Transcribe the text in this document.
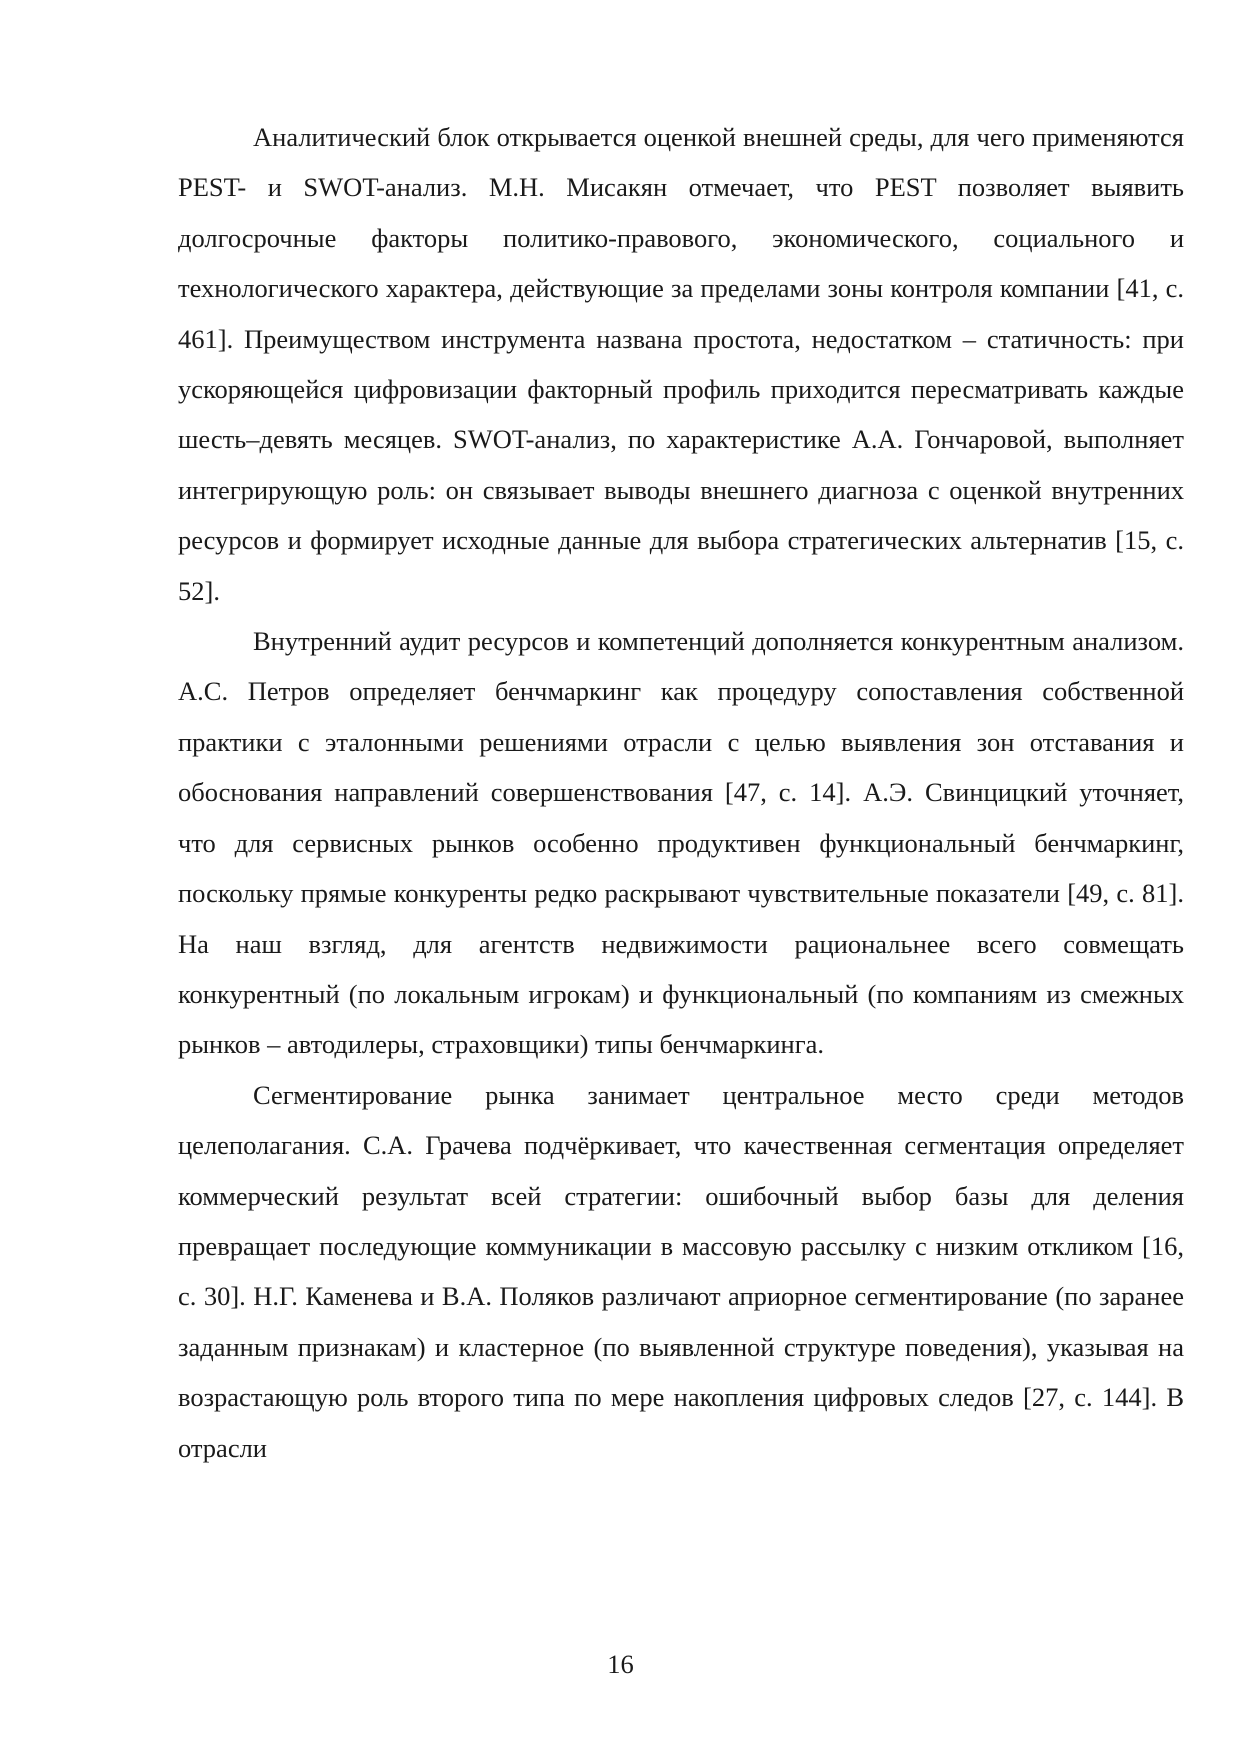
Аналитический блок открывается оценкой внешней среды, для чего применяются PEST- и SWOT-анализ. М.Н. Мисакян отмечает, что PEST позволяет выявить долгосрочные факторы политико-правового, экономического, социального и технологического характера, действующие за пределами зоны контроля компании [41, с. 461]. Преимуществом инструмента названа простота, недостатком – статичность: при ускоряющейся цифровизации факторный профиль приходится пересматривать каждые шесть–девять месяцев. SWOT-анализ, по характеристике А.А. Гончаровой, выполняет интегрирующую роль: он связывает выводы внешнего диагноза с оценкой внутренних ресурсов и формирует исходные данные для выбора стратегических альтернатив [15, с. 52].

Внутренний аудит ресурсов и компетенций дополняется конкурентным анализом. А.С. Петров определяет бенчмаркинг как процедуру сопоставления собственной практики с эталонными решениями отрасли с целью выявления зон отставания и обоснования направлений совершенствования [47, с. 14]. А.Э. Свинцицкий уточняет, что для сервисных рынков особенно продуктивен функциональный бенчмаркинг, поскольку прямые конкуренты редко раскрывают чувствительные показатели [49, с. 81]. На наш взгляд, для агентств недвижимости рациональнее всего совмещать конкурентный (по локальным игрокам) и функциональный (по компаниям из смежных рынков – автодилеры, страховщики) типы бенчмаркинга.

Сегментирование рынка занимает центральное место среди методов целеполагания. С.А. Грачева подчёркивает, что качественная сегментация определяет коммерческий результат всей стратегии: ошибочный выбор базы для деления превращает последующие коммуникации в массовую рассылку с низким откликом [16, с. 30]. Н.Г. Каменева и В.А. Поляков различают априорное сегментирование (по заранее заданным признакам) и кластерное (по выявленной структуре поведения), указывая на возрастающую роль второго типа по мере накопления цифровых следов [27, с. 144]. В отрасли

16
